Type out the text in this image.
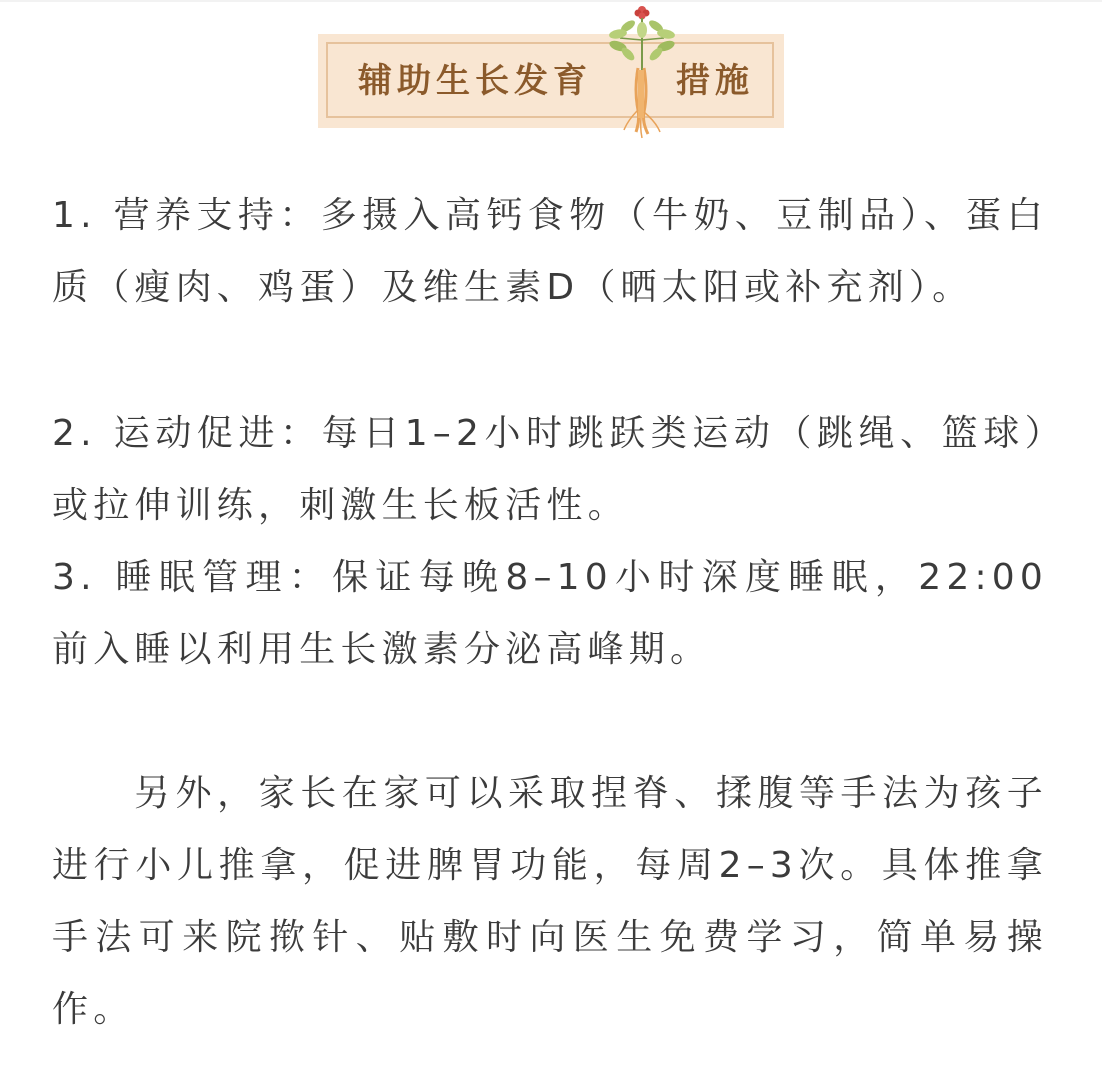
辅助生长发育 措施

1. 营养支持：多摄入高钙食物（牛奶、豆制品）、蛋白质（瘦肉、鸡蛋）及维生素D（晒太阳或补充剂）。

2. 运动促进：每日1–2小时跳跃类运动（跳绳、篮球）或拉伸训练，刺激生长板活性。

3. 睡眠管理：保证每晚8–10小时深度睡眠，22:00前入睡以利用生长激素分泌高峰期。

另外，家长在家可以采取捏脊、揉腹等手法为孩子进行小儿推拿，促进脾胃功能，每周2–3次。具体推拿手法可来院揿针、贴敷时向医生免费学习，简单易操作。
